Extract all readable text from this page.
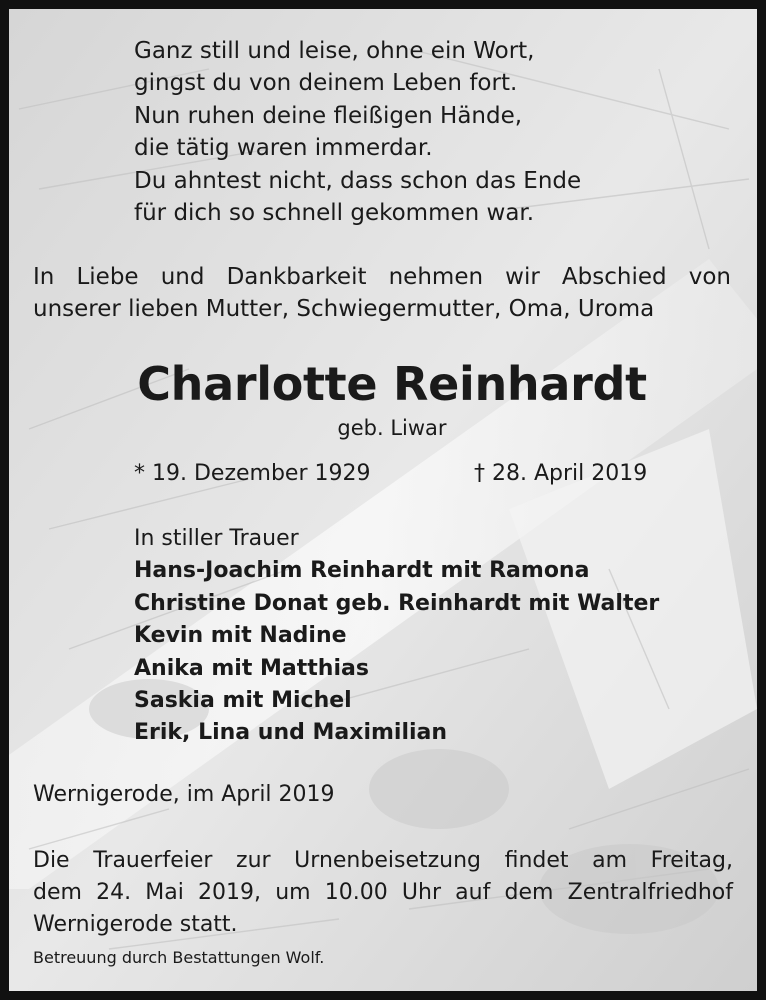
Ganz still und leise, ohne ein Wort,
gingst du von deinem Leben fort.
Nun ruhen deine fleißigen Hände,
die tätig waren immerdar.
Du ahntest nicht, dass schon das Ende
für dich so schnell gekommen war.
In Liebe und Dankbarkeit nehmen wir Abschied von
unserer lieben Mutter, Schwiegermutter, Oma, Uroma
Charlotte Reinhardt

geb. Liwar

* 19. Dezember 1929	† 28. April 2019
In stiller Trauer
Hans-Joachim Reinhardt mit Ramona
Christine Donat geb. Reinhardt mit Walter
Kevin mit Nadine
Anika mit Matthias
Saskia mit Michel
Erik, Lina und Maximilian
Wernigerode, im April 2019
Die Trauerfeier zur Urnenbeisetzung findet am Freitag,
dem 24. Mai 2019, um 10.00 Uhr auf dem Zentralfriedhof
Wernigerode statt.
Betreuung durch Bestattungen Wolf.
